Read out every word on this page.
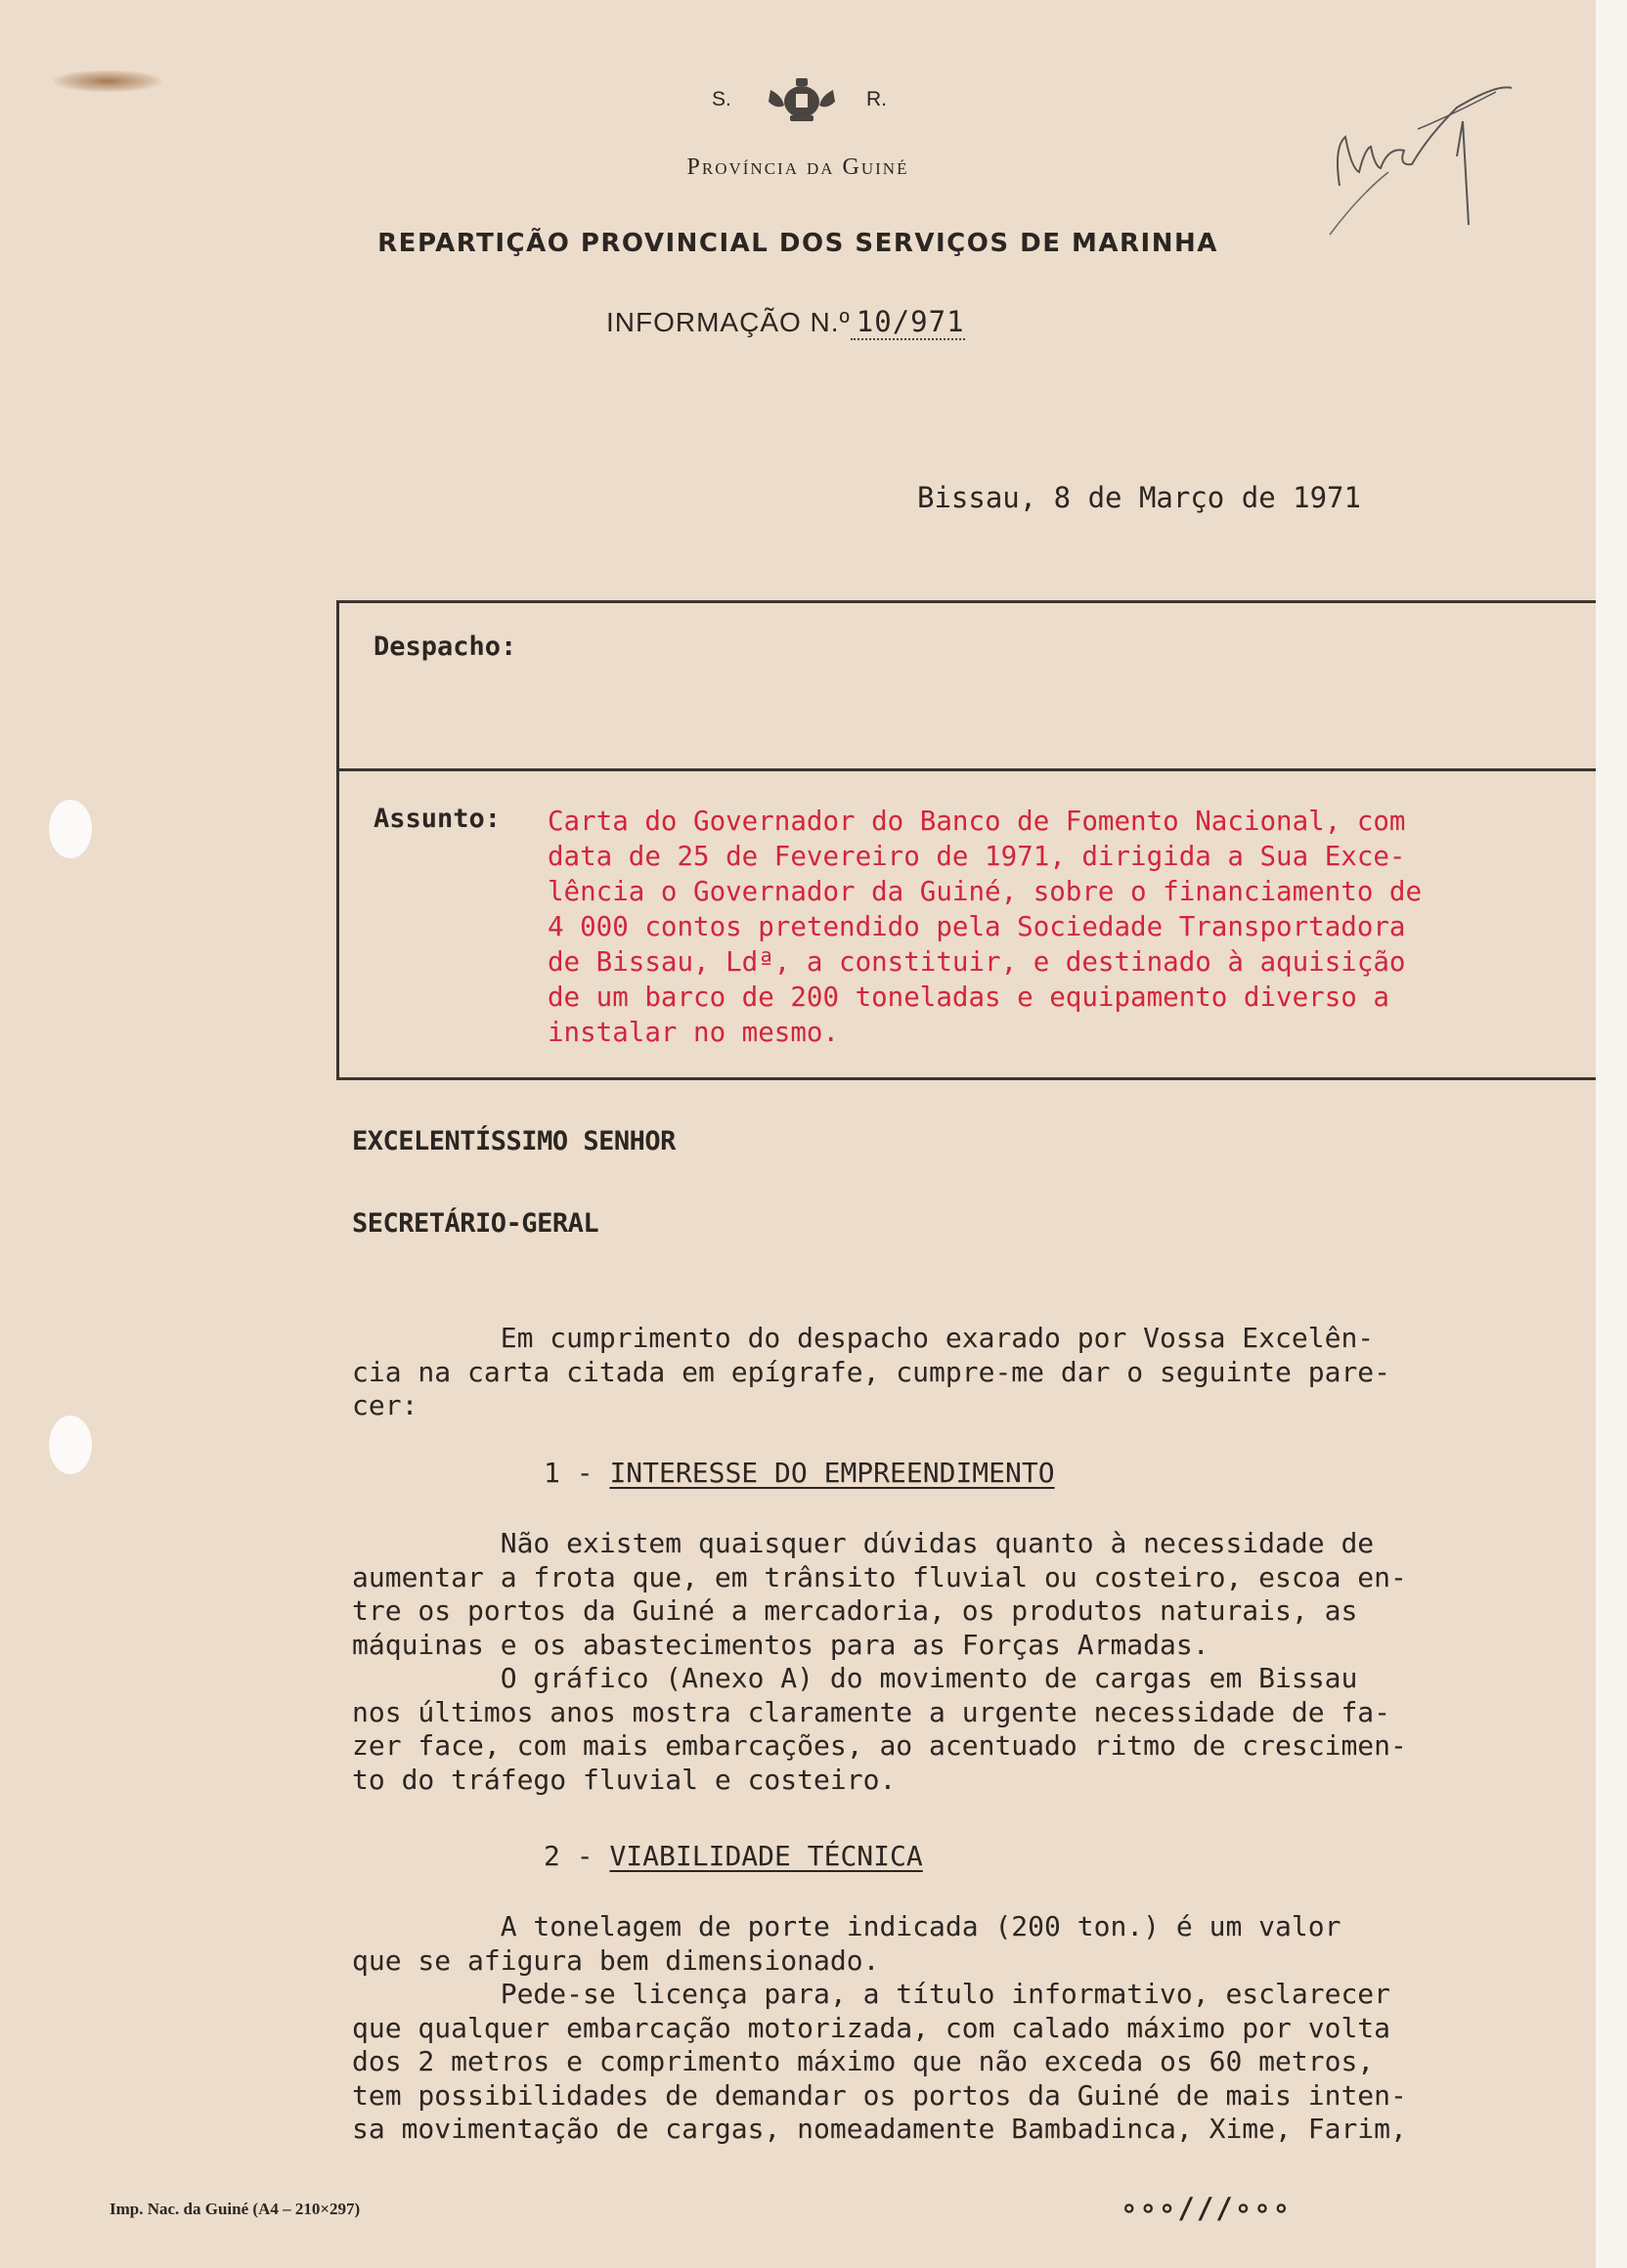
S.	R.
Província da Guiné
REPARTIÇÃO PROVINCIAL DOS SERVIÇOS DE MARINHA
INFORMAÇÃO N.º 10/971
Bissau, 8 de Março de 1971
Despacho:
Assunto: Carta do Governador do Banco de Fomento Nacional, com
data de 25 de Fevereiro de 1971, dirigida a Sua Exce-
lência o Governador da Guiné, sobre o financiamento de
4 000 contos pretendido pela Sociedade Transportadora
de Bissau, Ldª, a constituir, e destinado à aquisição
de um barco de 200 toneladas e equipamento diverso a
instalar no mesmo.
EXCELENTÍSSIMO SENHOR
SECRETÁRIO-GERAL
Em cumprimento do despacho exarado por Vossa Excelên-
cia na carta citada em epígrafe, cumpre-me dar o seguinte pare-
cer:
1 - INTERESSE DO EMPREENDIMENTO
Não existem quaisquer dúvidas quanto à necessidade de
aumentar a frota que, em trânsito fluvial ou costeiro, escoa en-
tre os portos da Guiné a mercadoria, os produtos naturais, as
máquinas e os abastecimentos para as Forças Armadas.
O gráfico (Anexo A) do movimento de cargas em Bissau
nos últimos anos mostra claramente a urgente necessidade de fa-
zer face, com mais embarcações, ao acentuado ritmo de crescimen-
to do tráfego fluvial e costeiro.
2 - VIABILIDADE TÉCNICA
A tonelagem de porte indicada (200 ton.) é um valor
que se afigura bem dimensionado.
Pede-se licença para, a título informativo, esclarecer
que qualquer embarcação motorizada, com calado máximo por volta
dos 2 metros e comprimento máximo que não exceda os 60 metros,
tem possibilidades de demandar os portos da Guiné de mais inten-
sa movimentação de cargas, nomeadamente Bambadinca, Xime, Farim,
Imp. Nac. da Guiné (A4 – 210×297)	∘∘∘///∘∘∘
